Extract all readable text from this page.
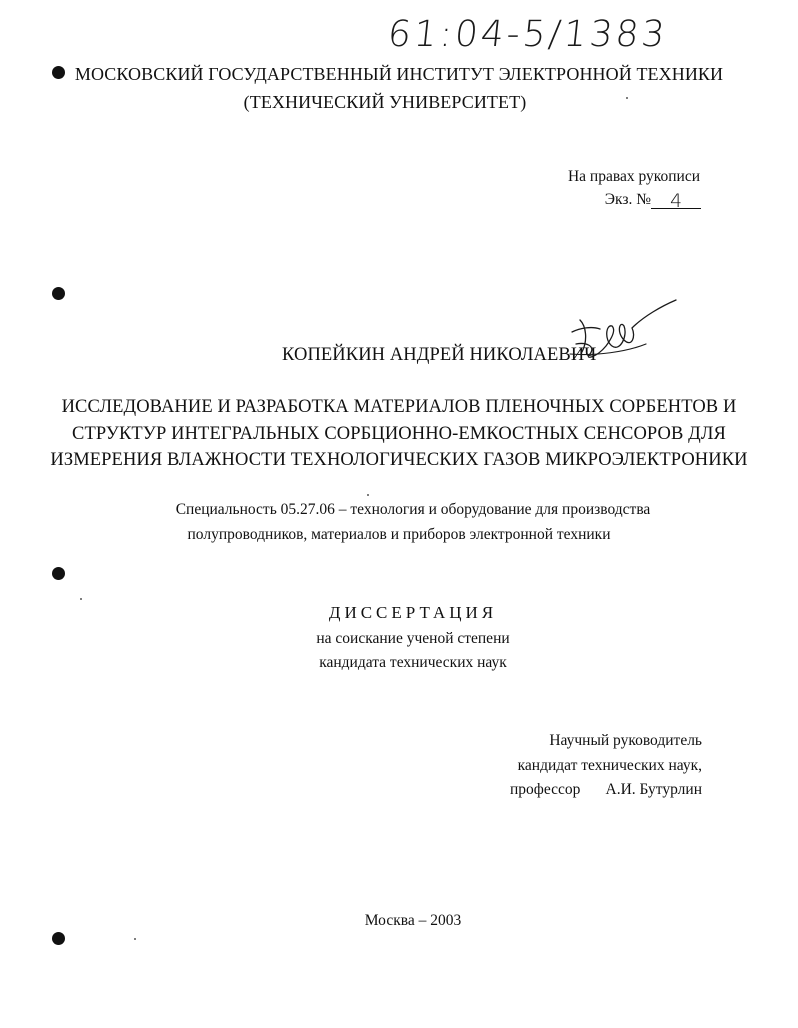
61:04-5/1383
МОСКОВСКИЙ ГОСУДАРСТВЕННЫЙ ИНСТИТУТ ЭЛЕКТРОННОЙ ТЕХНИКИ
(ТЕХНИЧЕСКИЙ УНИВЕРСИТЕТ)
На правах рукописи
Экз. № 4
КОПЕЙКИН АНДРЕЙ НИКОЛАЕВИЧ
ИССЛЕДОВАНИЕ И РАЗРАБОТКА МАТЕРИАЛОВ ПЛЕНОЧНЫХ СОРБЕНТОВ И
СТРУКТУР ИНТЕГРАЛЬНЫХ СОРБЦИОННО-ЕМКОСТНЫХ СЕНСОРОВ ДЛЯ
ИЗМЕРЕНИЯ ВЛАЖНОСТИ ТЕХНОЛОГИЧЕСКИХ ГАЗОВ МИКРОЭЛЕКТРОНИКИ
Специальность 05.27.06 – технология и оборудование для производства
полупроводников, материалов и приборов электронной техники
ДИССЕРТАЦИЯ
на соискание ученой степени
кандидата технических наук
Научный руководитель
кандидат технических наук,
профессор А.И. Бутурлин
Москва – 2003
